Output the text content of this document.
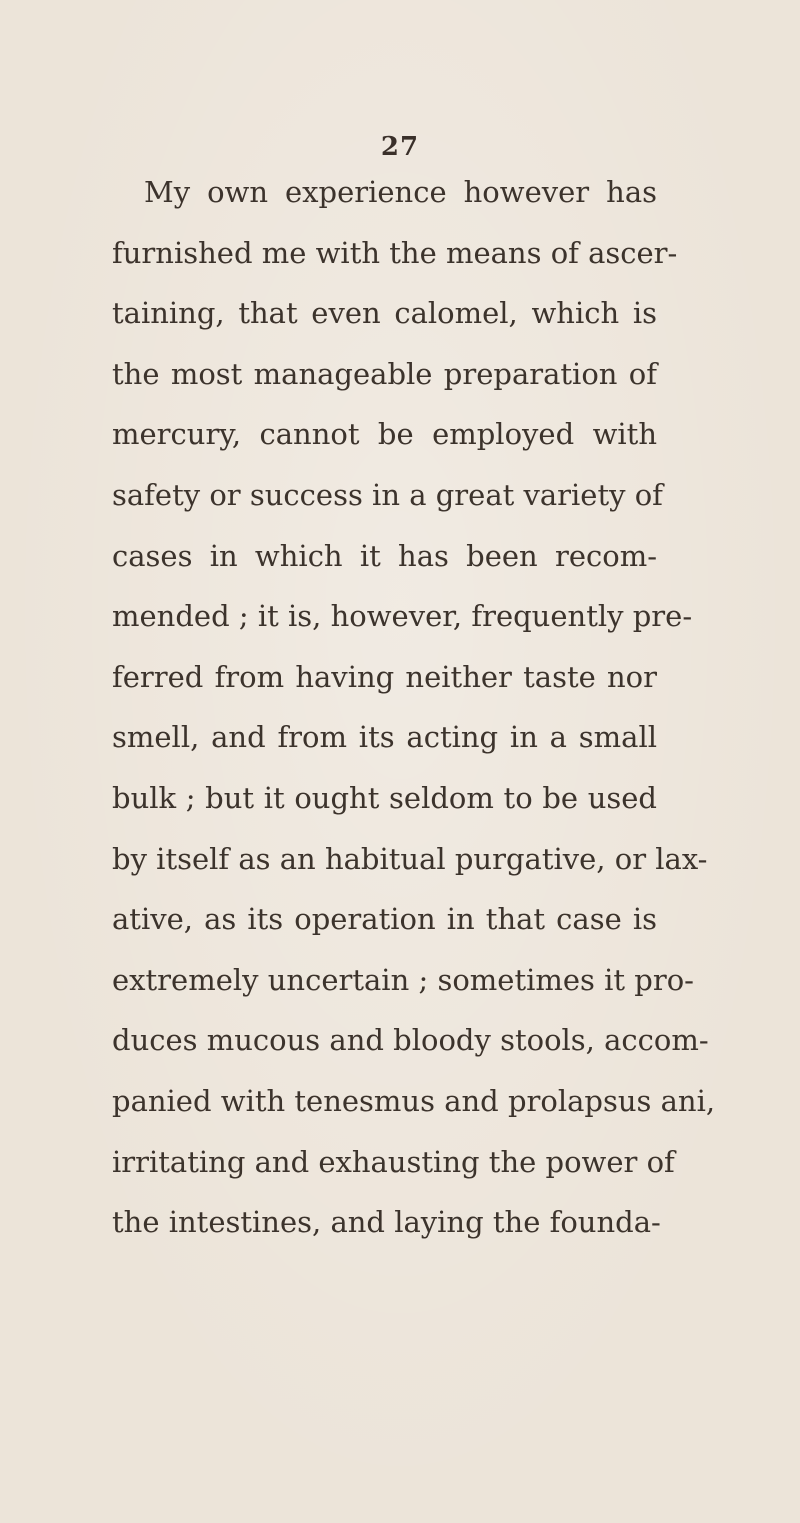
27
My own experience however has
furnished me with the means of ascer-
taining, that even calomel, which is
the most manageable preparation of
mercury, cannot be employed with
safety or success in a great variety of
cases in which it has been recom-
mended ; it is, however, frequently pre-
ferred from having neither taste nor
smell, and from its acting in a small
bulk ; but it ought seldom to be used
by itself as an habitual purgative, or lax-
ative, as its operation in that case is
extremely uncertain ; sometimes it pro-
duces mucous and bloody stools, accom-
panied with tenesmus and prolapsus ani,
irritating and exhausting the power of
the intestines, and laying the founda-
